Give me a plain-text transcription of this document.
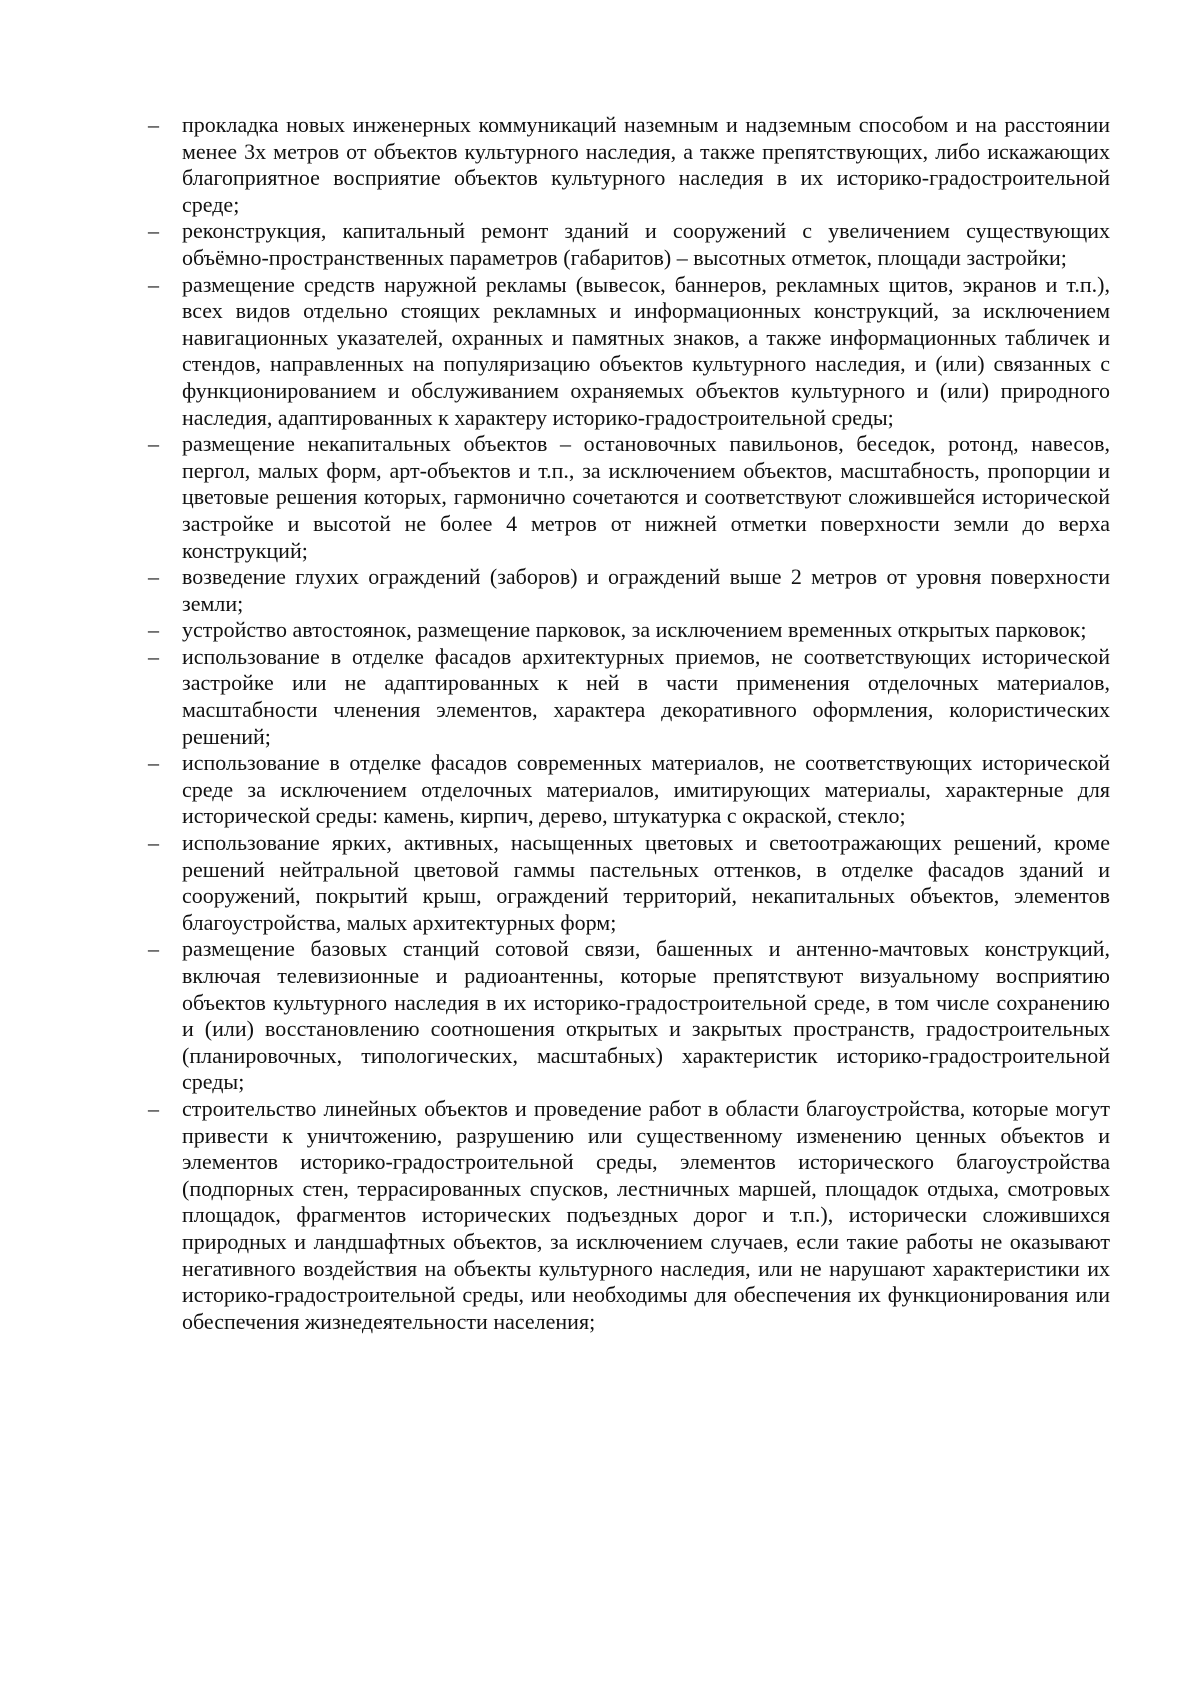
–	прокладка новых инженерных коммуникаций наземным и надземным способом и на расстоянии менее 3х метров от объектов культурного наследия, а также препятствующих, либо искажающих благоприятное восприятие объектов культурного наследия в их историко-градостроительной среде;
–	реконструкция, капитальный ремонт зданий и сооружений с увеличением существующих объёмно-пространственных параметров (габаритов) – высотных отметок, площади застройки;
–	размещение средств наружной рекламы (вывесок, баннеров, рекламных щитов, экранов и т.п.), всех видов отдельно стоящих рекламных и информационных конструкций, за исключением навигационных указателей, охранных и памятных знаков, а также информационных табличек и стендов, направленных на популяризацию объектов культурного наследия, и (или) связанных с функционированием и обслуживанием охраняемых объектов культурного и (или) природного наследия, адаптированных к характеру историко-градостроительной среды;
–	размещение некапитальных объектов – остановочных павильонов, беседок, ротонд, навесов, пергол, малых форм, арт-объектов и т.п., за исключением объектов, масштабность, пропорции и цветовые решения которых, гармонично сочетаются и соответствуют сложившейся исторической застройке и высотой не более 4 метров от нижней отметки поверхности земли до верха конструкций;
–	возведение глухих ограждений (заборов) и ограждений выше 2 метров от уровня поверхности земли;
–	устройство автостоянок, размещение парковок, за исключением временных открытых парковок;
–	использование в отделке фасадов архитектурных приемов, не соответствующих исторической застройке или не адаптированных к ней в части применения отделочных материалов, масштабности членения элементов, характера декоративного оформления, колористических решений;
–	использование в отделке фасадов современных материалов, не соответствующих исторической среде за исключением отделочных материалов, имитирующих материалы, характерные для исторической среды: камень, кирпич, дерево, штукатурка с окраской, стекло;
–	использование ярких, активных, насыщенных цветовых и светоотражающих решений, кроме решений нейтральной цветовой гаммы пастельных оттенков, в отделке фасадов зданий и сооружений, покрытий крыш, ограждений территорий, некапитальных объектов, элементов благоустройства, малых архитектурных форм;
–	размещение базовых станций сотовой связи, башенных и антенно-мачтовых конструкций, включая телевизионные и радиоантенны, которые препятствуют визуальному восприятию объектов культурного наследия в их историко-градостроительной среде, в том числе сохранению и (или) восстановлению соотношения открытых и закрытых пространств, градостроительных (планировочных, типологических, масштабных) характеристик историко-градостроительной среды;
–	строительство линейных объектов и проведение работ в области благоустройства, которые могут привести к уничтожению, разрушению или существенному изменению ценных объектов и элементов историко-градостроительной среды, элементов исторического благоустройства (подпорных стен, террасированных спусков, лестничных маршей, площадок отдыха, смотровых площадок, фрагментов исторических подъездных дорог и т.п.), исторически сложившихся природных и ландшафтных объектов, за исключением случаев, если такие работы не оказывают негативного воздействия на объекты культурного наследия, или не нарушают характеристики их историко-градостроительной среды, или необходимы для обеспечения их функционирования или обеспечения жизнедеятельности населения;
